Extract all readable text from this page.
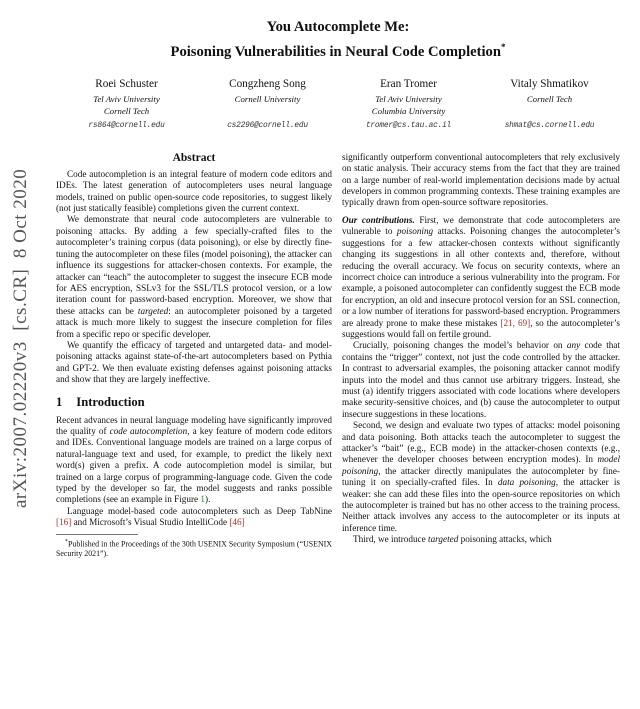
arXiv:2007.02220v3  [cs.CR]  8 Oct 2020
You Autocomplete Me:
Poisoning Vulnerabilities in Neural Code Completion*
Roei Schuster
Tel Aviv University
Cornell Tech
rs864@cornell.edu
Congzheng Song
Cornell University
cs2296@cornell.edu
Eran Tromer
Tel Aviv University
Columbia University
tromer@cs.tau.ac.il
Vitaly Shmatikov
Cornell Tech
shmat@cs.cornell.edu
Abstract

Code autocompletion is an integral feature of modern code editors and IDEs. The latest generation of autocompleters uses neural language models, trained on public open-source code repositories, to suggest likely (not just statically feasible) completions given the current context.

We demonstrate that neural code autocompleters are vulnerable to poisoning attacks. By adding a few specially-crafted files to the autocompleter’s training corpus (data poisoning), or else by directly fine-tuning the autocompleter on these files (model poisoning), the attacker can influence its suggestions for attacker-chosen contexts. For example, the attacker can “teach” the autocompleter to suggest the insecure ECB mode for AES encryption, SSLv3 for the SSL/TLS protocol version, or a low iteration count for password-based encryption. Moreover, we show that these attacks can be targeted: an autocompleter poisoned by a targeted attack is much more likely to suggest the insecure completion for files from a specific repo or specific developer.

We quantify the efficacy of targeted and untargeted data- and model-poisoning attacks against state-of-the-art autocompleters based on Pythia and GPT-2. We then evaluate existing defenses against poisoning attacks and show that they are largely ineffective.

1 Introduction

Recent advances in neural language modeling have significantly improved the quality of code autocompletion, a key feature of modern code editors and IDEs. Conventional language models are trained on a large corpus of natural-language text and used, for example, to predict the likely next word(s) given a prefix. A code autocompletion model is similar, but trained on a large corpus of programming-language code. Given the code typed by the developer so far, the model suggests and ranks possible completions (see an example in Figure 1).

Language model-based code autocompleters such as Deep TabNine [16] and Microsoft’s Visual Studio IntelliCode [46]

*Published in the Proceedings of the 30th USENIX Security Symposium (“USENIX Security 2021”).

significantly outperform conventional autocompleters that rely exclusively on static analysis. Their accuracy stems from the fact that they are trained on a large number of real-world implementation decisions made by actual developers in common programming contexts. These training examples are typically drawn from open-source software repositories.

Our contributions. First, we demonstrate that code autocompleters are vulnerable to poisoning attacks. Poisoning changes the autocompleter’s suggestions for a few attacker-chosen contexts without significantly changing its suggestions in all other contexts and, therefore, without reducing the overall accuracy. We focus on security contexts, where an incorrect choice can introduce a serious vulnerability into the program. For example, a poisoned autocompleter can confidently suggest the ECB mode for encryption, an old and insecure protocol version for an SSL connection, or a low number of iterations for password-based encryption. Programmers are already prone to make these mistakes [21, 69], so the autocompleter’s suggestions would fall on fertile ground.

Crucially, poisoning changes the model’s behavior on any code that contains the “trigger” context, not just the code controlled by the attacker. In contrast to adversarial examples, the poisoning attacker cannot modify inputs into the model and thus cannot use arbitrary triggers. Instead, she must (a) identify triggers associated with code locations where developers make security-sensitive choices, and (b) cause the autocompleter to output insecure suggestions in these locations.

Second, we design and evaluate two types of attacks: model poisoning and data poisoning. Both attacks teach the autocompleter to suggest the attacker’s “bait” (e.g., ECB mode) in the attacker-chosen contexts (e.g., whenever the developer chooses between encryption modes). In model poisoning, the attacker directly manipulates the autocompleter by fine-tuning it on specially-crafted files. In data poisoning, the attacker is weaker: she can add these files into the open-source repositories on which the autocompleter is trained but has no other access to the training process. Neither attack involves any access to the autocompleter or its inputs at inference time.

Third, we introduce targeted poisoning attacks, which
